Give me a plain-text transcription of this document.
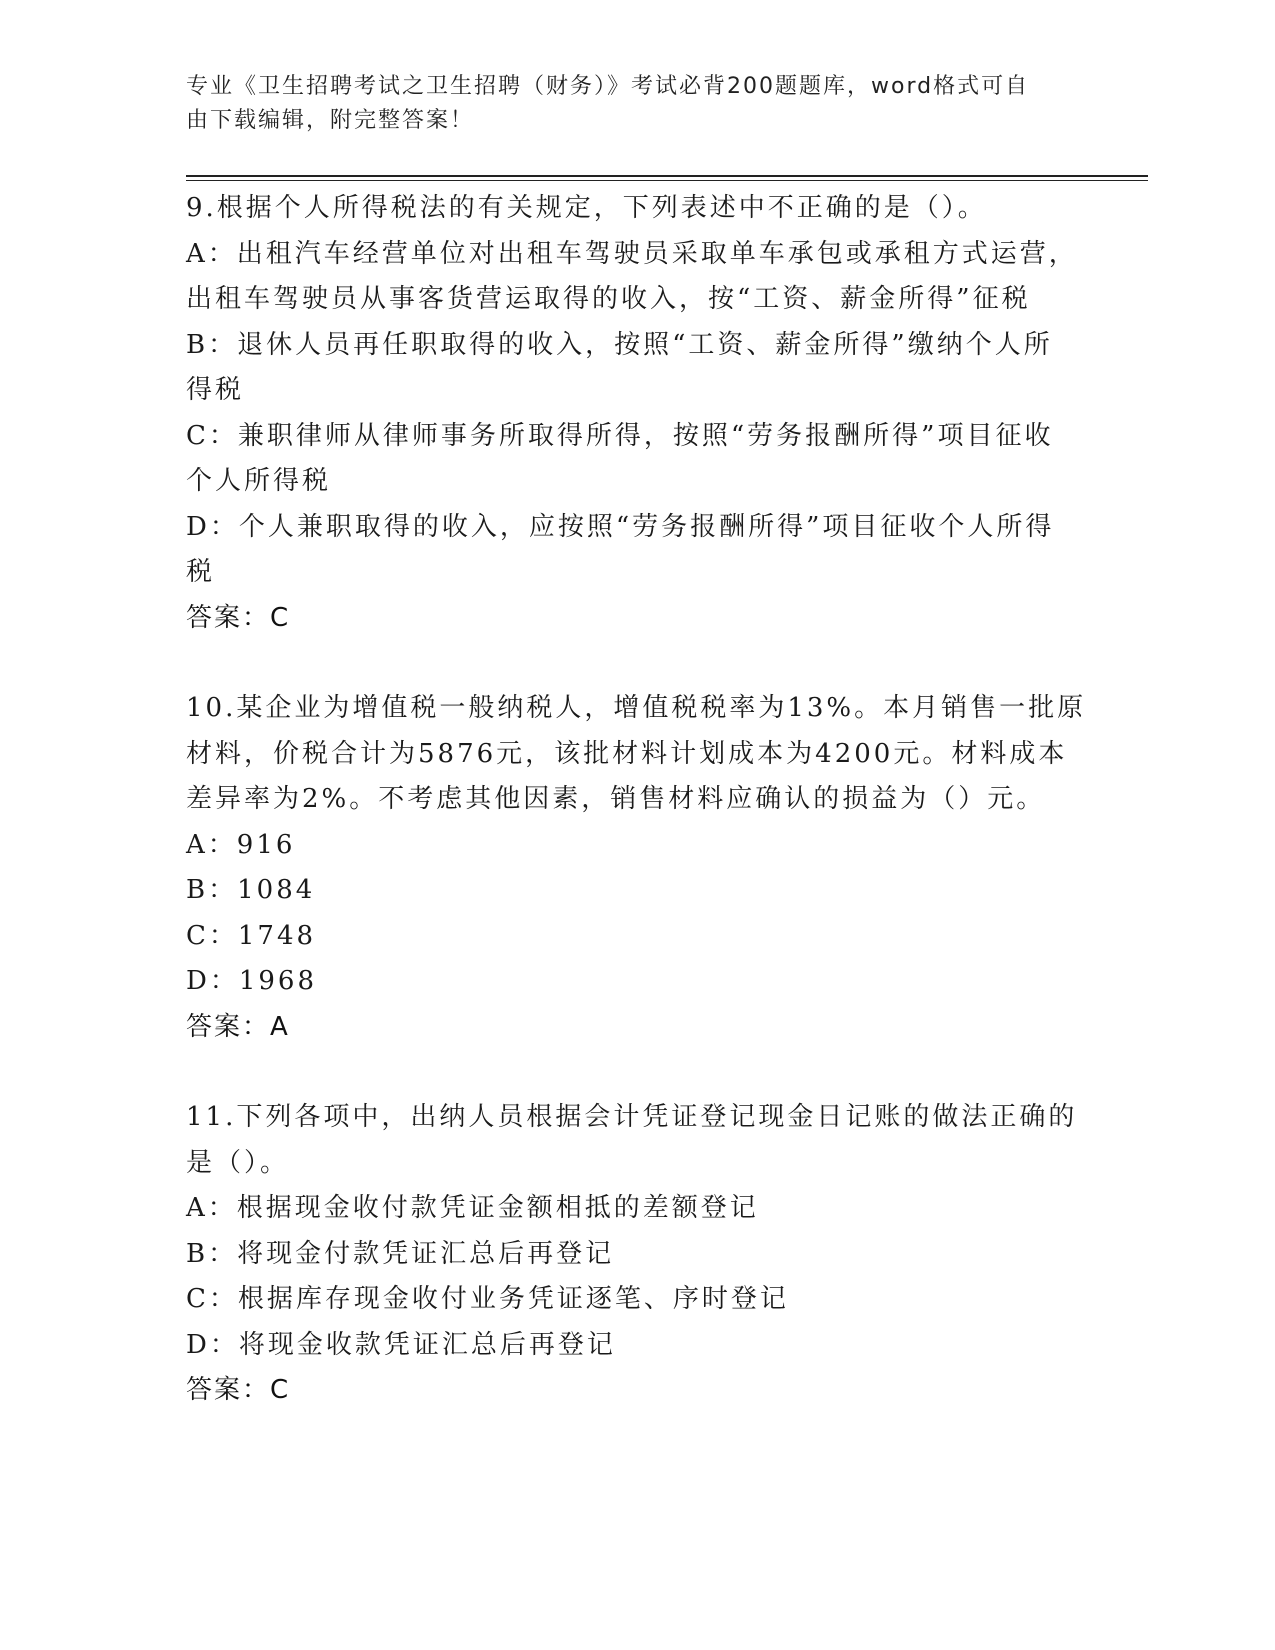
专业《卫生招聘考试之卫生招聘（财务）》考试必背200题题库，word格式可自
由下载编辑，附完整答案！
9.根据个人所得税法的有关规定，下列表述中不正确的是（）。
A：出租汽车经营单位对出租车驾驶员采取单车承包或承租方式运营，
出租车驾驶员从事客货营运取得的收入，按“工资、薪金所得”征税
B：退休人员再任职取得的收入，按照“工资、薪金所得”缴纳个人所
得税
C：兼职律师从律师事务所取得所得，按照“劳务报酬所得”项目征收
个人所得税
D：个人兼职取得的收入，应按照“劳务报酬所得”项目征收个人所得
税
答案：C
10.某企业为增值税一般纳税人，增值税税率为13%。本月销售一批原
材料，价税合计为5876元，该批材料计划成本为4200元。材料成本
差异率为2%。不考虑其他因素，销售材料应确认的损益为（）元。
A：916
B：1084
C：1748
D：1968
答案：A
11.下列各项中，出纳人员根据会计凭证登记现金日记账的做法正确的
是（）。
A：根据现金收付款凭证金额相抵的差额登记
B：将现金付款凭证汇总后再登记
C：根据库存现金收付业务凭证逐笔、序时登记
D：将现金收款凭证汇总后再登记
答案：C
